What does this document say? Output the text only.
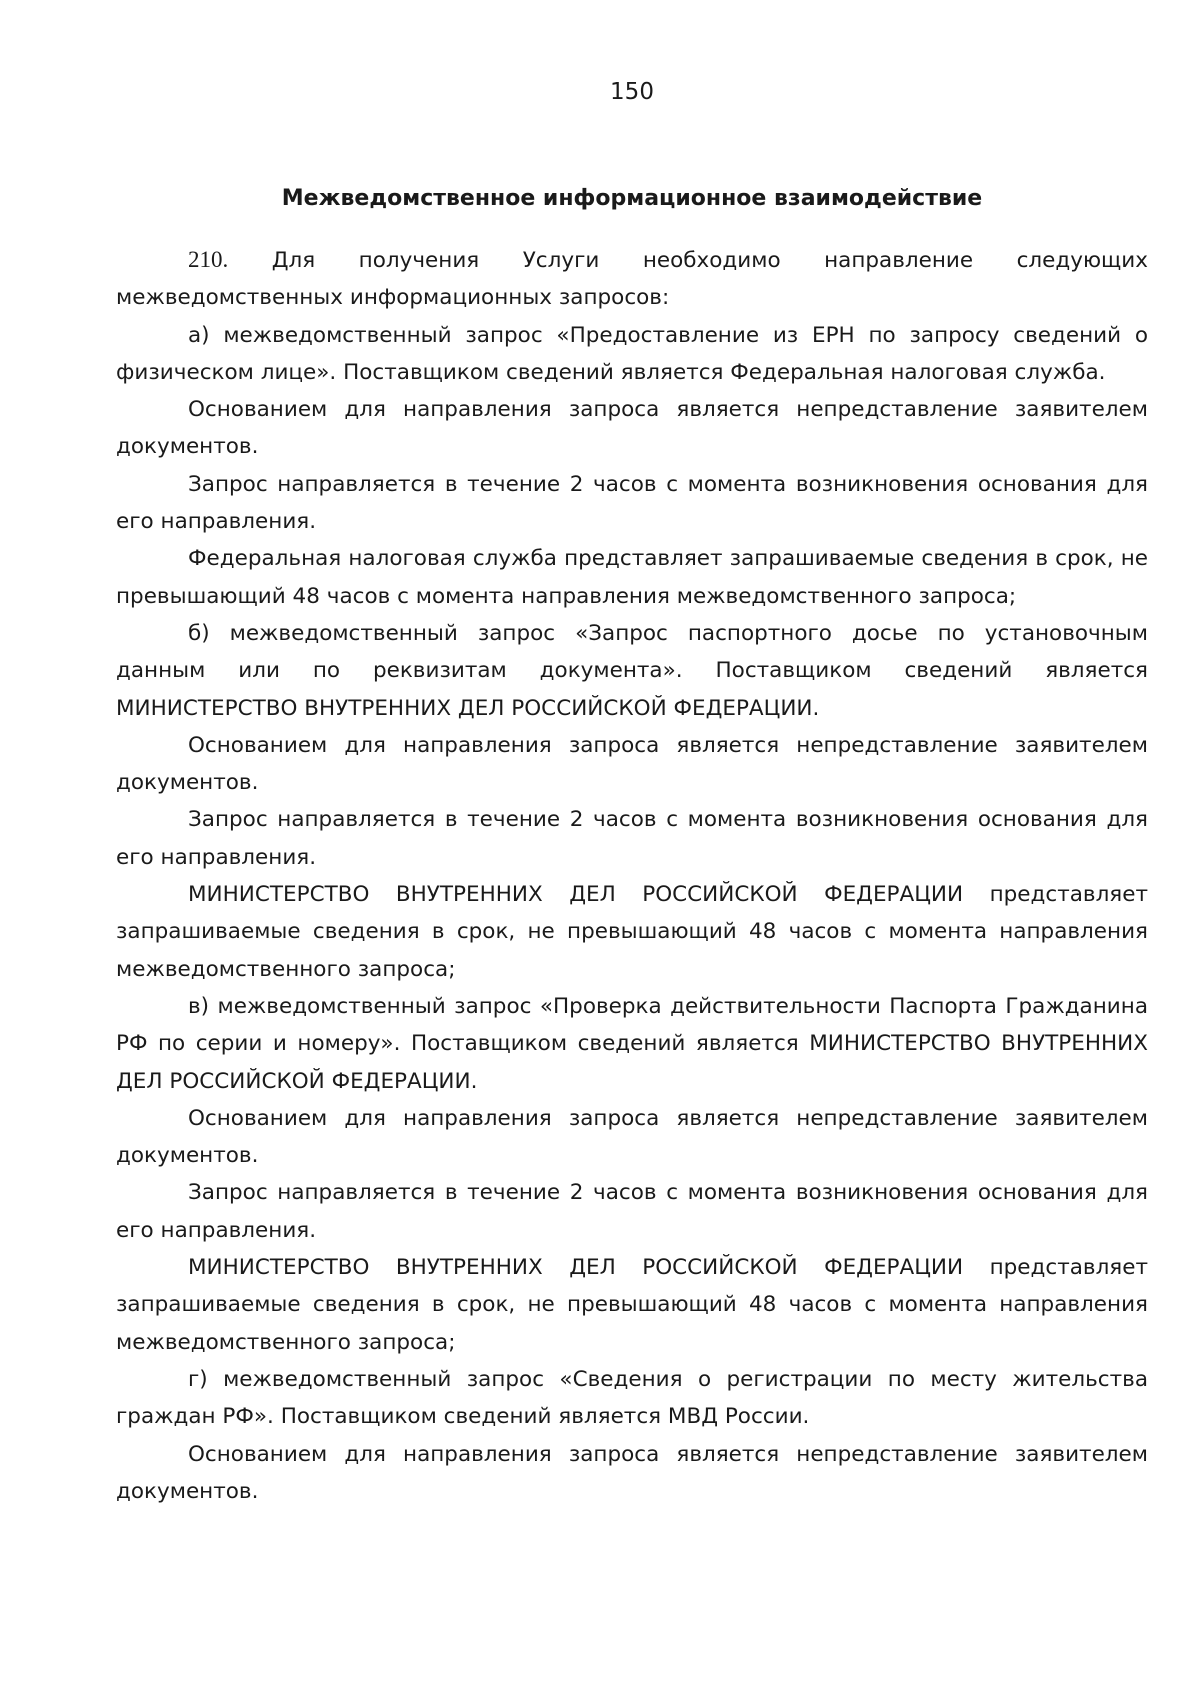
150
Межведомственное информационное взаимодействие

210. Для получения Услуги необходимо направление следующих межведомственных информационных запросов:

а) межведомственный запрос «Предоставление из ЕРН по запросу сведений о физическом лице». Поставщиком сведений является Федеральная налоговая служба.

Основанием для направления запроса является непредставление заявителем документов.

Запрос направляется в течение 2 часов с момента возникновения основания для его направления.

Федеральная налоговая служба представляет запрашиваемые сведения в срок, не превышающий 48 часов с момента направления межведомственного запроса;

б) межведомственный запрос «Запрос паспортного досье по установочным данным или по реквизитам документа». Поставщиком сведений является МИНИСТЕРСТВО ВНУТРЕННИХ ДЕЛ РОССИЙСКОЙ ФЕДЕРАЦИИ.

Основанием для направления запроса является непредставление заявителем документов.

Запрос направляется в течение 2 часов с момента возникновения основания для его направления.

МИНИСТЕРСТВО ВНУТРЕННИХ ДЕЛ РОССИЙСКОЙ ФЕДЕРАЦИИ представляет запрашиваемые сведения в срок, не превышающий 48 часов с момента направления межведомственного запроса;

в) межведомственный запрос «Проверка действительности Паспорта Гражданина РФ по серии и номеру». Поставщиком сведений является МИНИСТЕРСТВО ВНУТРЕННИХ ДЕЛ РОССИЙСКОЙ ФЕДЕРАЦИИ.

Основанием для направления запроса является непредставление заявителем документов.

Запрос направляется в течение 2 часов с момента возникновения основания для его направления.

МИНИСТЕРСТВО ВНУТРЕННИХ ДЕЛ РОССИЙСКОЙ ФЕДЕРАЦИИ представляет запрашиваемые сведения в срок, не превышающий 48 часов с момента направления межведомственного запроса;

г) межведомственный запрос «Сведения о регистрации по месту жительства граждан РФ». Поставщиком сведений является МВД России.

Основанием для направления запроса является непредставление заявителем документов.
